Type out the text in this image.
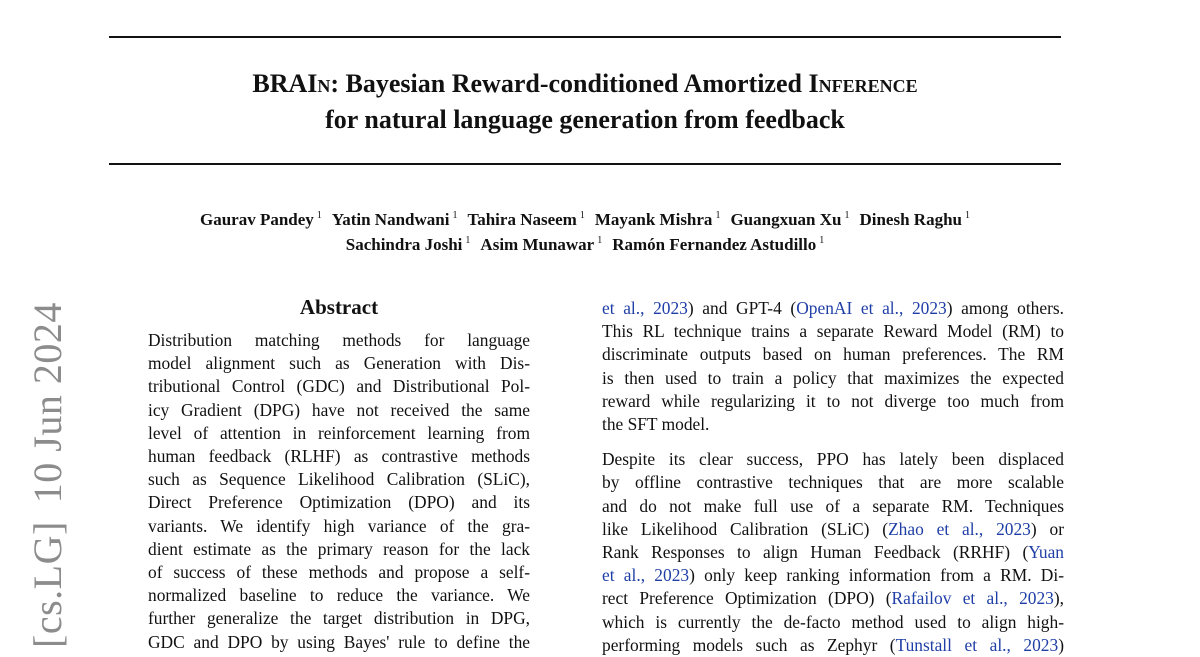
BRAIn: Bayesian Reward-conditioned Amortized Inference
for natural language generation from feedback
Gaurav Pandey $^1$ Yatin Nandwani $^1$ Tahira Naseem $^1$ Mayank Mishra $^1$ Guangxuan Xu $^1$ Dinesh Raghu $^1$
Sachindra Joshi $^1$ Asim Munawar $^1$ Ramón Fernandez Astudillo $^1$
[cs.LG]10 Jun 2024	Abstract
Distribution matching methods for language
model alignment such as Generation with Dis-
tributional Control (GDC) and Distributional Pol-
icy Gradient (DPG) have not received the same
level of attention in reinforcement learning from
human feedback (RLHF) as contrastive methods
such as Sequence Likelihood Calibration (SLiC),
Direct Preference Optimization (DPO) and its
variants. We identify high variance of the gra-
dient estimate as the primary reason for the lack
of success of these methods and propose a self-
normalized baseline to reduce the variance. We
further generalize the target distribution in DPG,
GDC and DPO by using Bayes' rule to define the
et al., 2023) and GPT-4 (OpenAI et al., 2023) among others.
This RL technique trains a separate Reward Model (RM) to
discriminate outputs based on human preferences. The RM
is then used to train a policy that maximizes the expected
reward while regularizing it to not diverge too much from
the SFT model.
Despite its clear success, PPO has lately been displaced
by offline contrastive techniques that are more scalable
and do not make full use of a separate RM. Techniques
like Likelihood Calibration (SLiC) (Zhao et al., 2023) or
Rank Responses to align Human Feedback (RRHF) (Yuan
et al., 2023) only keep ranking information from a RM. Di-
rect Preference Optimization (DPO) (Rafailov et al., 2023),
which is currently the de-facto method used to align high-
performing models such as Zephyr (Tunstall et al., 2023)
